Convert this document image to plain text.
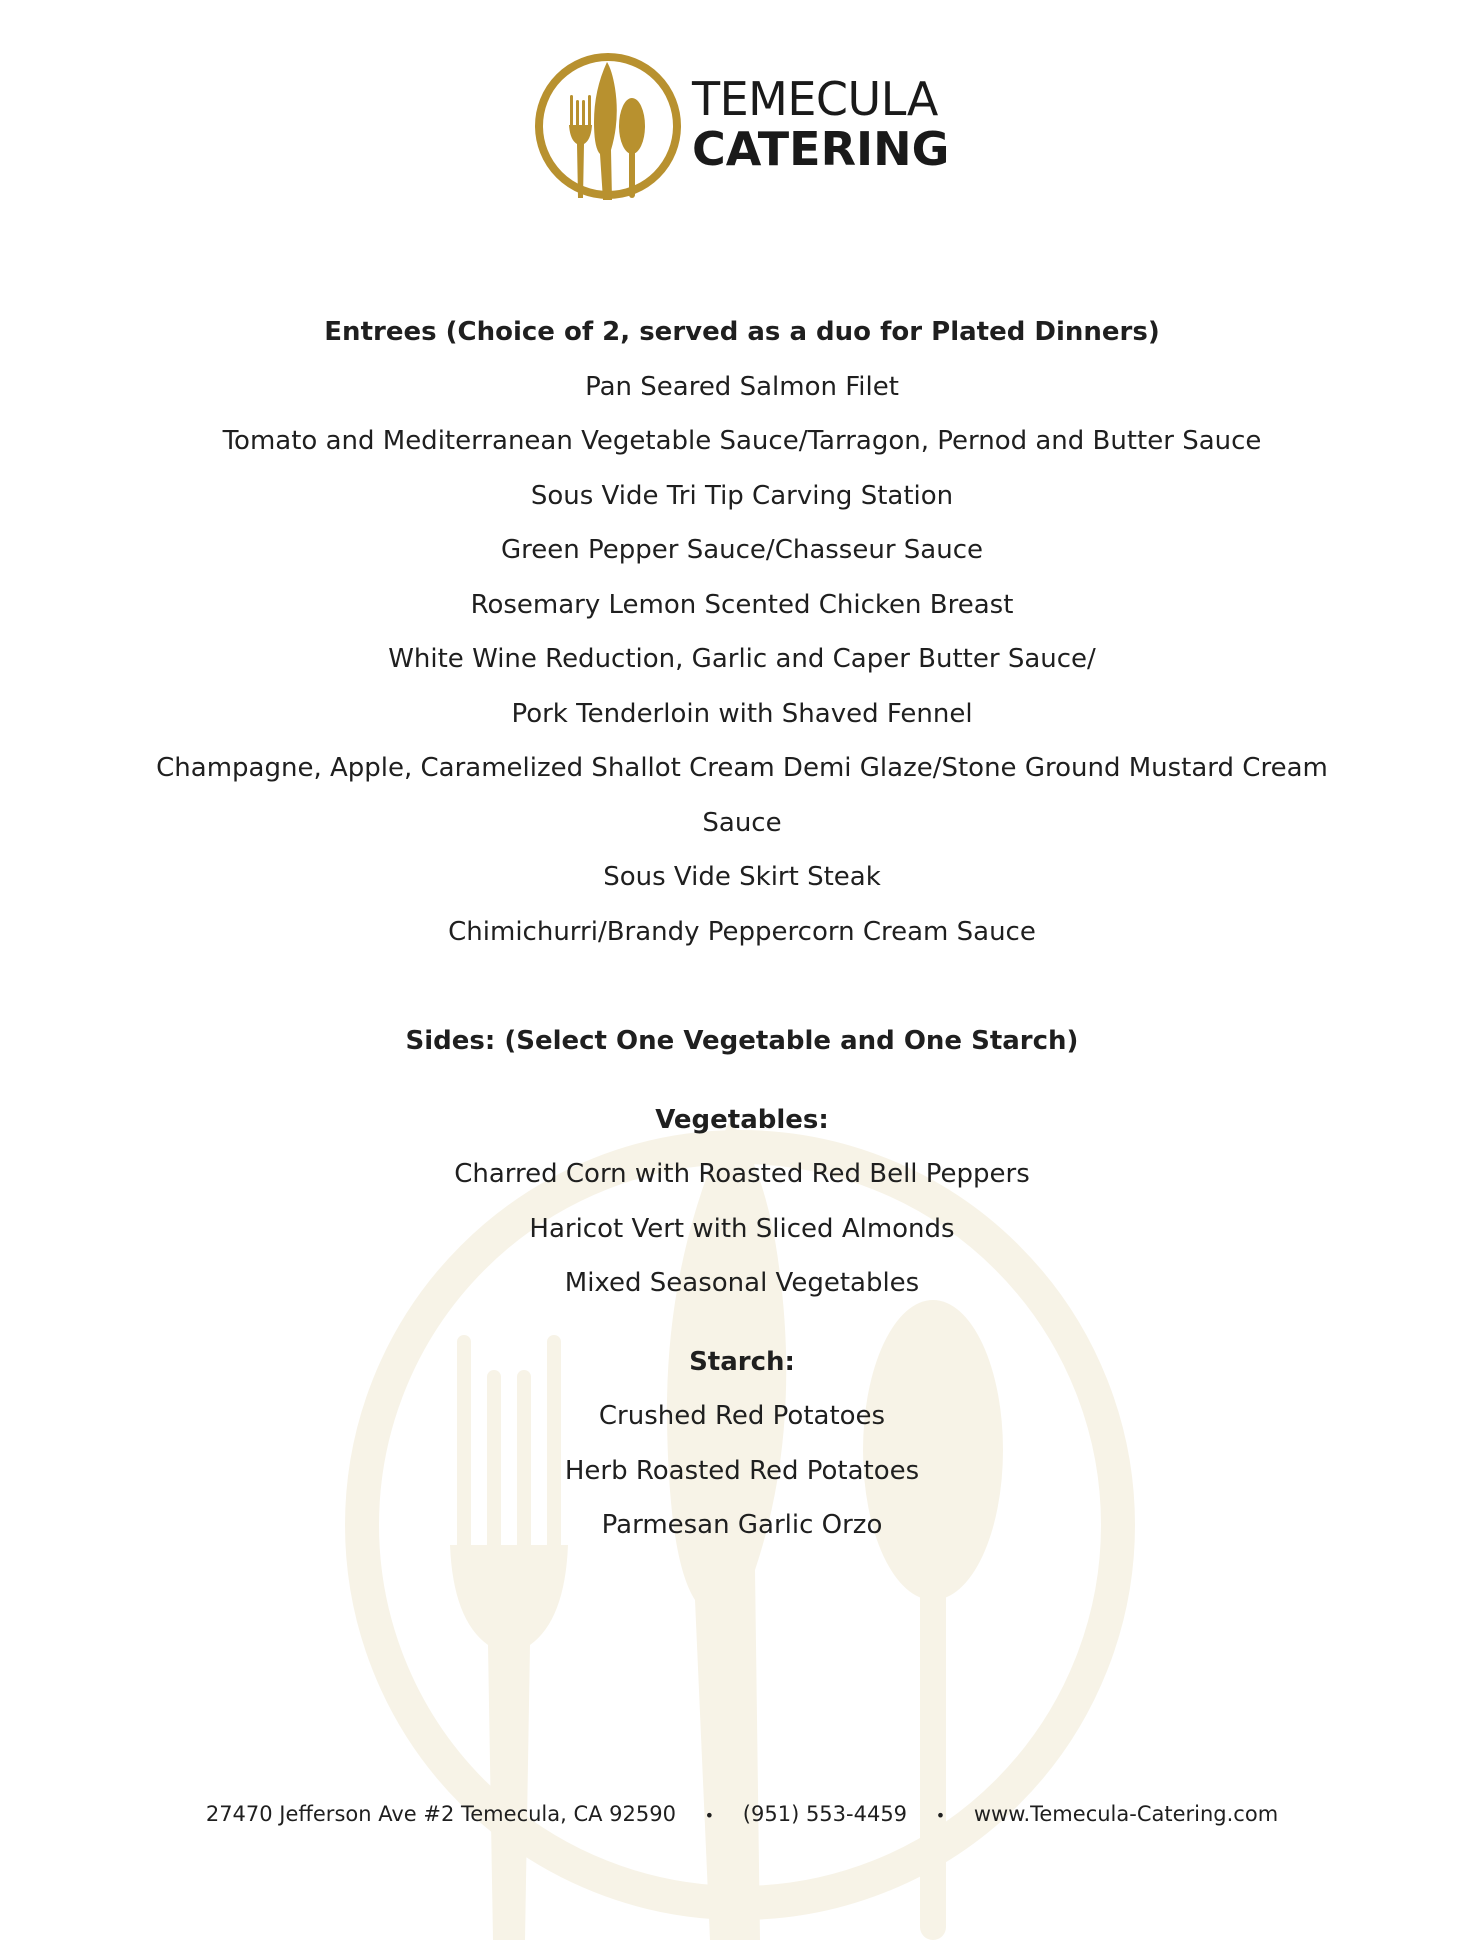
TEMECULA
CATERING
Entrees (Choice of 2, served as a duo for Plated Dinners)
Pan Seared Salmon Filet
Tomato and Mediterranean Vegetable Sauce/Tarragon, Pernod and Butter Sauce
Sous Vide Tri Tip Carving Station
Green Pepper Sauce/Chasseur Sauce
Rosemary Lemon Scented Chicken Breast
White Wine Reduction, Garlic and Caper Butter Sauce/
Pork Tenderloin with Shaved Fennel
Champagne, Apple, Caramelized Shallot Cream Demi Glaze/Stone Ground Mustard Cream
Sauce
Sous Vide Skirt Steak
Chimichurri/Brandy Peppercorn Cream Sauce
Sides: (Select One Vegetable and One Starch)
Vegetables:
Charred Corn with Roasted Red Bell Peppers
Haricot Vert with Sliced Almonds
Mixed Seasonal Vegetables
Starch:
Crushed Red Potatoes
Herb Roasted Red Potatoes
Parmesan Garlic Orzo
27470 Jefferson Ave #2 Temecula, CA 92590 • (951) 553-4459 • www.Temecula-Catering.com
